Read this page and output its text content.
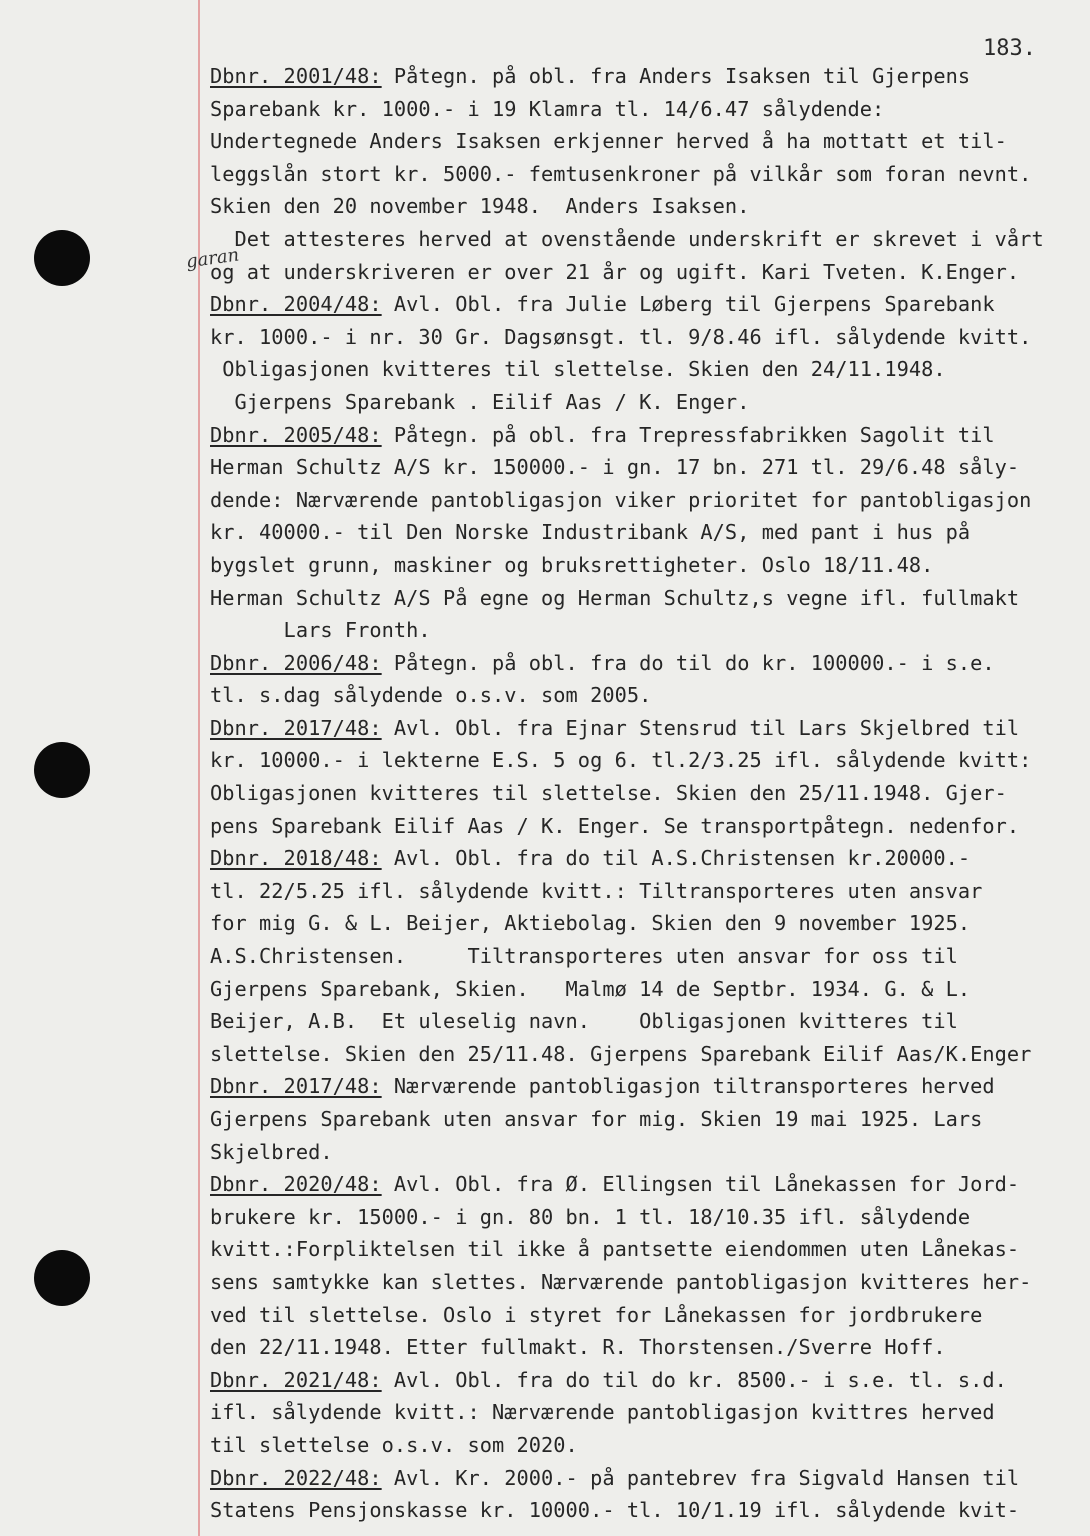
183.
garan
Dbnr. 2001/48: Påtegn. på obl. fra Anders Isaksen til Gjerpens
Sparebank kr. 1000.- i 19 Klamra tl. 14/6.47 sålydende:
Undertegnede Anders Isaksen erkjenner herved å ha mottatt et til-
leggslån stort kr. 5000.- femtusenkroner på vilkår som foran nevnt.
Skien den 20 november 1948.  Anders Isaksen.
Det attesteres herved at ovenstående underskrift er skrevet i vårt
og at underskriveren er over 21 år og ugift. Kari Tveten. K.Enger.
Dbnr. 2004/48: Avl. Obl. fra Julie Løberg til Gjerpens Sparebank
kr. 1000.- i nr. 30 Gr. Dagsønsgt. tl. 9/8.46 ifl. sålydende kvitt.
Obligasjonen kvitteres til slettelse. Skien den 24/11.1948.
Gjerpens Sparebank . Eilif Aas / K. Enger.
Dbnr. 2005/48: Påtegn. på obl. fra Trepressfabrikken Sagolit til
Herman Schultz A/S kr. 150000.- i gn. 17 bn. 271 tl. 29/6.48 såly-
dende: Nærværende pantobligasjon viker prioritet for pantobligasjon
kr. 40000.- til Den Norske Industribank A/S, med pant i hus på
bygslet grunn, maskiner og bruksrettigheter. Oslo 18/11.48.
Herman Schultz A/S På egne og Herman Schultz,s vegne ifl. fullmakt
Lars Fronth.
Dbnr. 2006/48: Påtegn. på obl. fra do til do kr. 100000.- i s.e.
tl. s.dag sålydende o.s.v. som 2005.
Dbnr. 2017/48: Avl. Obl. fra Ejnar Stensrud til Lars Skjelbred til
kr. 10000.- i lekterne E.S. 5 og 6. tl.2/3.25 ifl. sålydende kvitt:
Obligasjonen kvitteres til slettelse. Skien den 25/11.1948. Gjer-
pens Sparebank Eilif Aas / K. Enger. Se transportpåtegn. nedenfor.
Dbnr. 2018/48: Avl. Obl. fra do til A.S.Christensen kr.20000.-
tl. 22/5.25 ifl. sålydende kvitt.: Tiltransporteres uten ansvar
for mig G. & L. Beijer, Aktiebolag. Skien den 9 november 1925.
A.S.Christensen.     Tiltransporteres uten ansvar for oss til
Gjerpens Sparebank, Skien.   Malmø 14 de Septbr. 1934. G. & L.
Beijer, A.B.  Et uleselig navn.    Obligasjonen kvitteres til
slettelse. Skien den 25/11.48. Gjerpens Sparebank Eilif Aas/K.Enger
Dbnr. 2017/48: Nærværende pantobligasjon tiltransporteres herved
Gjerpens Sparebank uten ansvar for mig. Skien 19 mai 1925. Lars
Skjelbred.
Dbnr. 2020/48: Avl. Obl. fra Ø. Ellingsen til Lånekassen for Jord-
brukere kr. 15000.- i gn. 80 bn. 1 tl. 18/10.35 ifl. sålydende
kvitt.:Forpliktelsen til ikke å pantsette eiendommen uten Lånekas-
sens samtykke kan slettes. Nærværende pantobligasjon kvitteres her-
ved til slettelse. Oslo i styret for Lånekassen for jordbrukere
den 22/11.1948. Etter fullmakt. R. Thorstensen./Sverre Hoff.
Dbnr. 2021/48: Avl. Obl. fra do til do kr. 8500.- i s.e. tl. s.d.
ifl. sålydende kvitt.: Nærværende pantobligasjon kvittres herved
til slettelse o.s.v. som 2020.
Dbnr. 2022/48: Avl. Kr. 2000.- på pantebrev fra Sigvald Hansen til
Statens Pensjonskasse kr. 10000.- tl. 10/1.19 ifl. sålydende kvit-
